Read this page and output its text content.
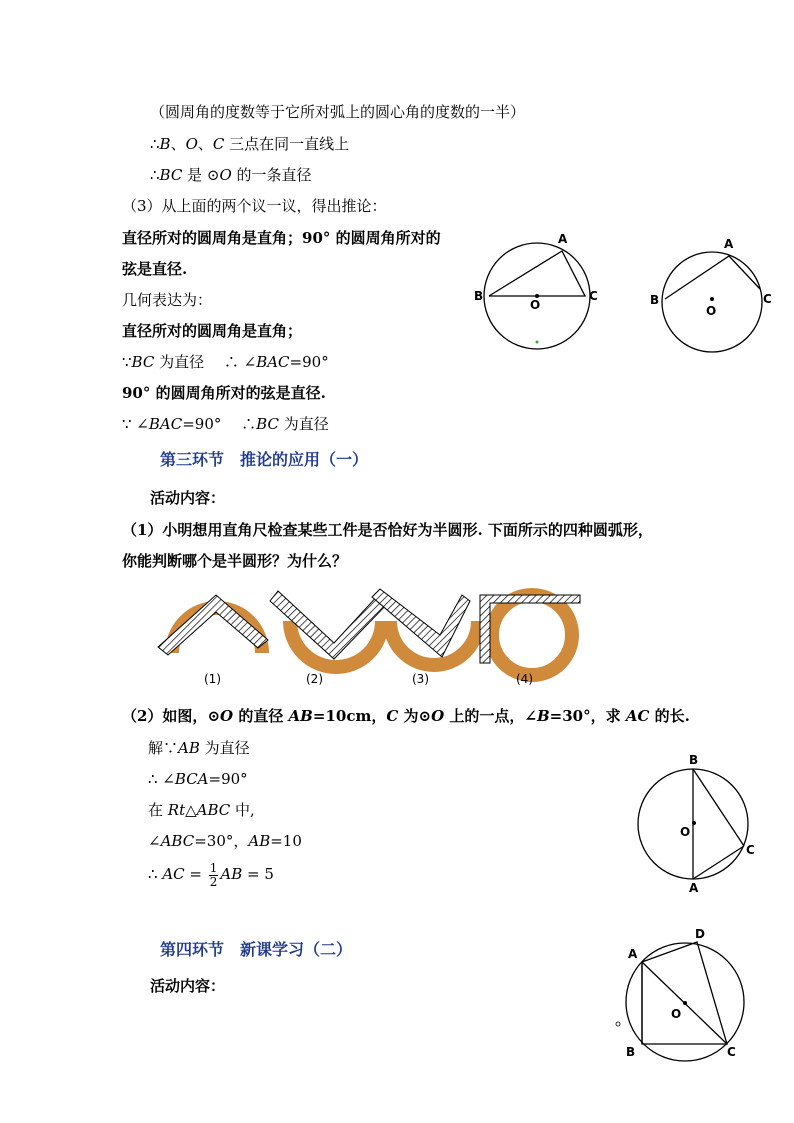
（圆周角的度数等于它所对弧上的圆心角的度数的一半）
∴B、O、C 三点在同一直线上
∴BC 是 ⊙O 的一条直径
（3）从上面的两个议一议，得出推论：
直径所对的圆周角是直角；90° 的圆周角所对的
弦是直径.
几何表达为：
直径所对的圆周角是直角；
∵BC 为直径 　∴ ∠BAC=90°
90° 的圆周角所对的弦是直径.
∵ ∠BAC=90° 　∴BC 为直径
A
B	C
O
A
B	C
O
第三环节　推论的应用（一）
活动内容：
（1）小明想用直角尺检查某些工件是否恰好为半圆形. 下面所示的四种圆弧形，
你能判断哪个是半圆形？为什么？
(1)	(2)	(3)	(4)
（2）如图，⊙O 的直径 AB=10cm，C 为⊙O 上的一点，∠B=30°，求 AC 的长.
解∵AB 为直径
∴ ∠BCA=90°
在 Rt△ABC 中,
∠ABC=30°，AB=10
∴ AC = $\frac{1}{2}$ AB = 5
B
A
C
O
第四环节　新课学习（二）
活动内容：
A
D
B	C
O
